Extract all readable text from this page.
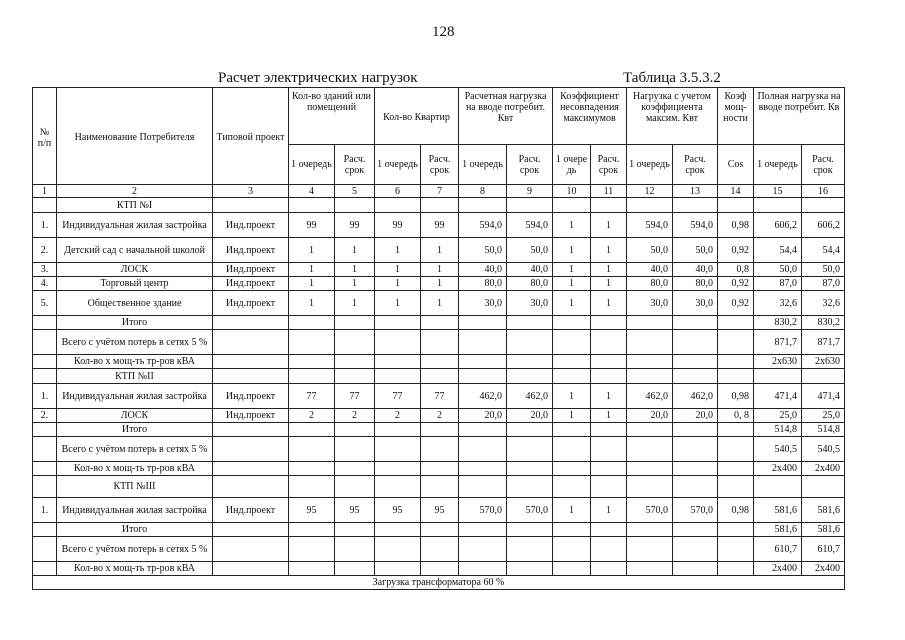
128
Расчет электрических нагрузок	Таблица 3.5.3.2
№ п/п	Наименование Потребителя	Типовой проект	Кол-во зданий или помещений		Кол-во Квартир		Расчетная нагрузка на вводе потребит. Квт		Коэффициент несовпадения максимумов		Нагрузка с учетом коэффициента максим. Квт		Коэф мощ-ности	Полная нагрузка на вводе потребит. Кв	
			1 очередь	Расч. срок	1 очередь	Расч. срок	1 очередь	Расч. срок	1 очере дь	Расч. срок	1 очередь	Расч. срок	Cos	1 очередь	Расч. срок
1	2	3	4	5	6	7	8	9	10	11	12	13	14	15	16
	КТП №I														
1.	Индивидуальная жилая застройка	Инд.проект	99	99	99	99	594,0	594,0	1	1	594,0	594,0	0,98	606,2	606,2
2.	Детский сад с начальной школой	Инд.проект	1	1	1	1	50,0	50,0	1	1	50,0	50,0	0,92	54,4	54,4
3.	ЛОСК	Инд.проект	1	1	1	1	40,0	40,0	1	1	40,0	40,0	0,8	50,0	50,0
4.	Торговый центр	Инд.проект	1	1	1	1	80,0	80,0	1	1	80,0	80,0	0,92	87,0	87,0
5.	Общественное здание	Инд.проект	1	1	1	1	30,0	30,0	1	1	30,0	30,0	0,92	32,6	32,6
	Итого													830,2	830,2
	Всего с учётом потерь в сетях 5 %													871,7	871,7
	Кол-во х мощ-ть тр-ров кВА													2х630	2х630
	КТП №II														
1.	Индивидуальная жилая застройка	Инд.проект	77	77	77	77	462,0	462,0	1	1	462,0	462,0	0,98	471,4	471,4
2.	ЛОСК	Инд.проект	2	2	2	2	20,0	20,0	1	1	20,0	20,0	0, 8	25,0	25,0
	Итого													514,8	514,8
	Всего с учётом потерь в сетях 5 %													540,5	540,5
	Кол-во х мощ-ть тр-ров кВА													2х400	2х400
	КТП №III														
1.	Индивидуальная жилая застройка	Инд.проект	95	95	95	95	570,0	570,0	1	1	570,0	570,0	0,98	581,6	581,6
	Итого													581,6	581,6
	Всего с учётом потерь в сетях 5 %													610,7	610,7
	Кол-во х мощ-ть тр-ров кВА													2х400	2х400
Загрузка трансформатора 60 %															
